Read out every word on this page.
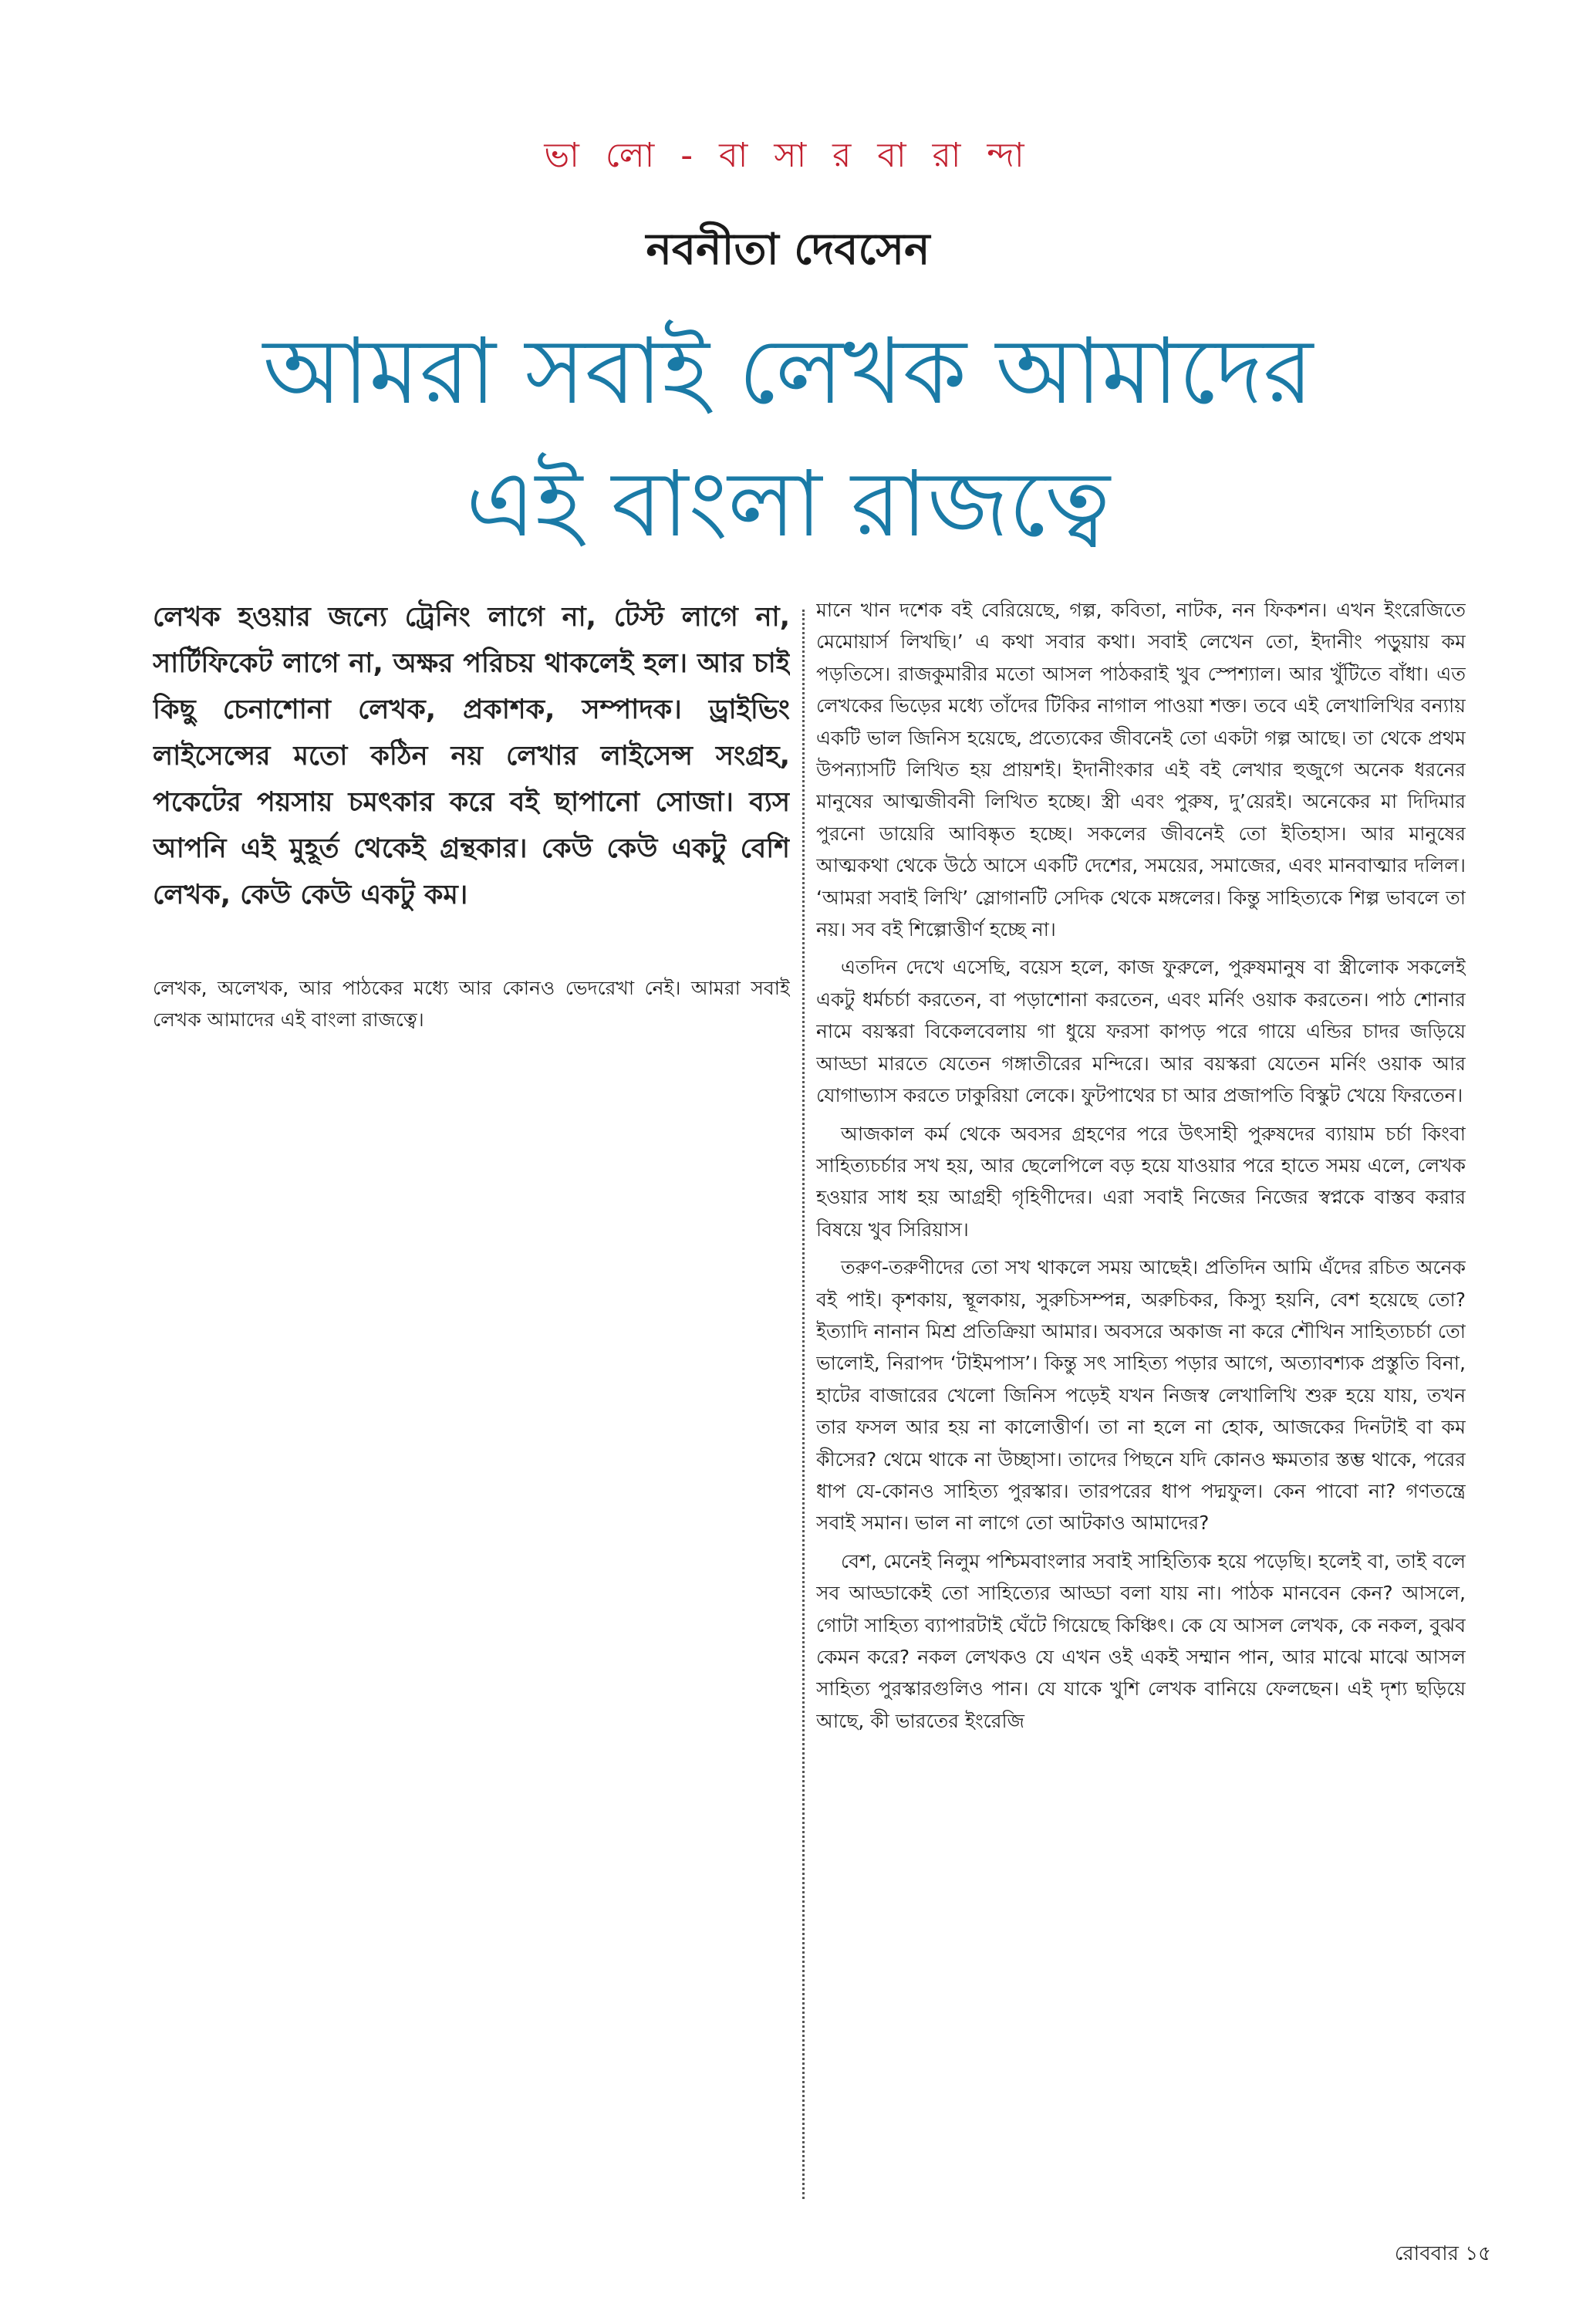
ভা লো - বা সা র বা রা ন্দা
নবনীতা দেবসেন
আমরা সবাই লেখক আমাদের
এই বাংলা রাজত্বে

লেখক হওয়ার জন্যে ট্রেনিং লাগে না, টেস্ট লাগে না, সার্টিফিকেট লাগে না, অক্ষর পরিচয় থাকলেই হল। আর চাই কিছু চেনাশোনা লেখক, প্রকাশক, সম্পাদক। ড্রাইভিং লাইসেন্সের মতো কঠিন নয় লেখার লাইসেন্স সংগ্রহ, পকেটের পয়সায় চমৎকার করে বই ছাপানো সোজা। ব্যস আপনি এই মুহূর্ত থেকেই গ্রন্থকার। কেউ কেউ একটু বেশি লেখক, কেউ কেউ একটু কম।

লেখক, অলেখক, আর পাঠকের মধ্যে আর কোনও ভেদরেখা নেই। আমরা সবাই লেখক আমাদের এই বাংলা রাজত্বে।

মানে খান দশেক বই বেরিয়েছে, গল্প, কবিতা, নাটক, নন ফিকশন। এখন ইংরেজিতে মেমোয়ার্স লিখছি।’ এ কথা সবার কথা। সবাই লেখেন তো, ইদানীং পড়ুয়ায় কম পড়তিসে। রাজকুমারীর মতো আসল পাঠকরাই খুব স্পেশ্যাল। আর খুঁটিতে বাঁধা। এত লেখকের ভিড়ের মধ্যে তাঁদের টিকির নাগাল পাওয়া শক্ত। তবে এই লেখালিখির বন্যায় একটি ভাল জিনিস হয়েছে, প্রত্যেকের জীবনেই তো একটা গল্প আছে। তা থেকে প্রথম উপন্যাসটি লিখিত হয় প্রায়শই। ইদানীংকার এই বই লেখার হুজুগে অনেক ধরনের মানুষের আত্মজীবনী লিখিত হচ্ছে। স্ত্রী এবং পুরুষ, দু’য়েরই। অনেকের মা দিদিমার পুরনো ডায়েরি আবিষ্কৃত হচ্ছে। সকলের জীবনেই তো ইতিহাস। আর মানুষের আত্মকথা থেকে উঠে আসে একটি দেশের, সময়ের, সমাজের, এবং মানবাত্মার দলিল। ‘আমরা সবাই লিখি’ স্লোগানটি সেদিক থেকে মঙ্গলের। কিন্তু সাহিত্যকে শিল্প ভাবলে তা নয়। সব বই শিল্পোত্তীর্ণ হচ্ছে না।

এতদিন দেখে এসেছি, বয়েস হলে, কাজ ফুরুলে, পুরুষমানুষ বা স্ত্রীলোক সকলেই একটু ধর্মচর্চা করতেন, বা পড়াশোনা করতেন, এবং মর্নিং ওয়াক করতেন। পাঠ শোনার নামে বয়স্করা বিকেলবেলায় গা ধুয়ে ফরসা কাপড় পরে গায়ে এন্ডির চাদর জড়িয়ে আড্ডা মারতে যেতেন গঙ্গাতীরের মন্দিরে। আর বয়স্করা যেতেন মর্নিং ওয়াক আর যোগাভ্যাস করতে ঢাকুরিয়া লেকে। ফুটপাথের চা আর প্রজাপতি বিস্কুট খেয়ে ফিরতেন।

আজকাল কর্ম থেকে অবসর গ্রহণের পরে উৎসাহী পুরুষদের ব্যায়াম চর্চা কিংবা সাহিত্যচর্চার সখ হয়, আর ছেলেপিলে বড় হয়ে যাওয়ার পরে হাতে সময় এলে, লেখক হওয়ার সাধ হয় আগ্রহী গৃহিণীদের। এরা সবাই নিজের নিজের স্বপ্নকে বাস্তব করার বিষয়ে খুব সিরিয়াস।

তরুণ-তরুণীদের তো সখ থাকলে সময় আছেই। প্রতিদিন আমি এঁদের রচিত অনেক বই পাই। কৃশকায়, স্থূলকায়, সুরুচিসম্পন্ন, অরুচিকর, কিস্যু হয়নি, বেশ হয়েছে তো? ইত্যাদি নানান মিশ্র প্রতিক্রিয়া আমার। অবসরে অকাজ না করে শৌখিন সাহিত্যচর্চা তো ভালোই, নিরাপদ ‘টাইমপাস’। কিন্তু সৎ সাহিত্য পড়ার আগে, অত্যাবশ্যক প্রস্তুতি বিনা, হাটের বাজারের খেলো জিনিস পড়েই যখন নিজস্ব লেখালিখি শুরু হয়ে যায়, তখন তার ফসল আর হয় না কালোত্তীর্ণ। তা না হলে না হোক, আজকের দিনটাই বা কম কীসের? থেমে থাকে না উচ্ছাসা। তাদের পিছনে যদি কোনও ক্ষমতার স্তম্ভ থাকে, পরের ধাপ যে-কোনও সাহিত্য পুরস্কার। তারপরের ধাপ পদ্মফুল। কেন পাবো না? গণতন্ত্রে সবাই সমান। ভাল না লাগে তো আটকাও আমাদের?

বেশ, মেনেই নিলুম পশ্চিমবাংলার সবাই সাহিত্যিক হয়ে পড়েছি। হলেই বা, তাই বলে সব আড্ডাকেই তো সাহিত্যের আড্ডা বলা যায় না। পাঠক মানবেন কেন? আসলে, গোটা সাহিত্য ব্যাপারটাই ঘেঁটে গিয়েছে কিঞ্চিৎ। কে যে আসল লেখক, কে নকল, বুঝব কেমন করে? নকল লেখকও যে এখন ওই একই সম্মান পান, আর মাঝে মাঝে আসল সাহিত্য পুরস্কারগুলিও পান। যে যাকে খুশি লেখক বানিয়ে ফেলছেন। এই দৃশ্য ছড়িয়ে আছে, কী ভারতের ইংরেজি

রোববার ১৫
